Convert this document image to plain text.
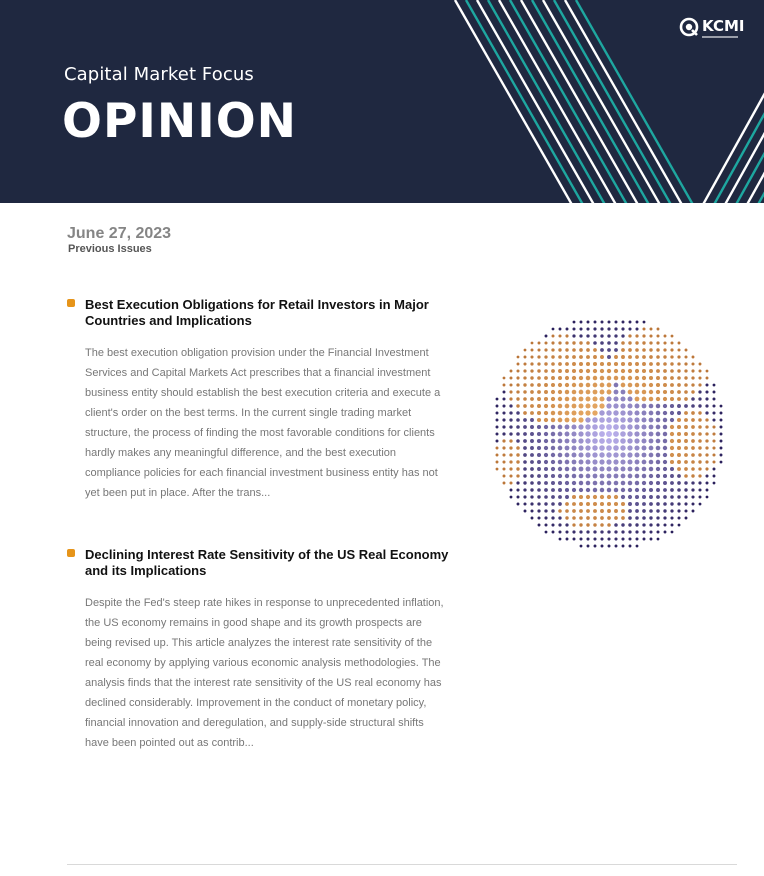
Capital Market Focus
OPINION
KCMI
June 27, 2023
Previous Issues
Best Execution Obligations for Retail Investors in Major Countries and Implications
The best execution obligation provision under the Financial Investment Services and Capital Markets Act prescribes that a financial investment business entity should establish the best execution criteria and execute a client's order on the best terms. In the current single trading market structure, the process of finding the most favorable conditions for clients hardly makes any meaningful difference, and the best execution compliance policies for each financial investment business entity has not yet been put in place. After the trans...
Declining Interest Rate Sensitivity of the US Real Economy and its Implications
Despite the Fed's steep rate hikes in response to unprecedented inflation, the US economy remains in good shape and its growth prospects are being revised up. This article analyzes the interest rate sensitivity of the real economy by applying various economic analysis methodologies. The analysis finds that the interest rate sensitivity of the US real economy has declined considerably. Improvement in the conduct of monetary policy, financial innovation and deregulation, and supply-side structural shifts have been pointed out as contrib...
